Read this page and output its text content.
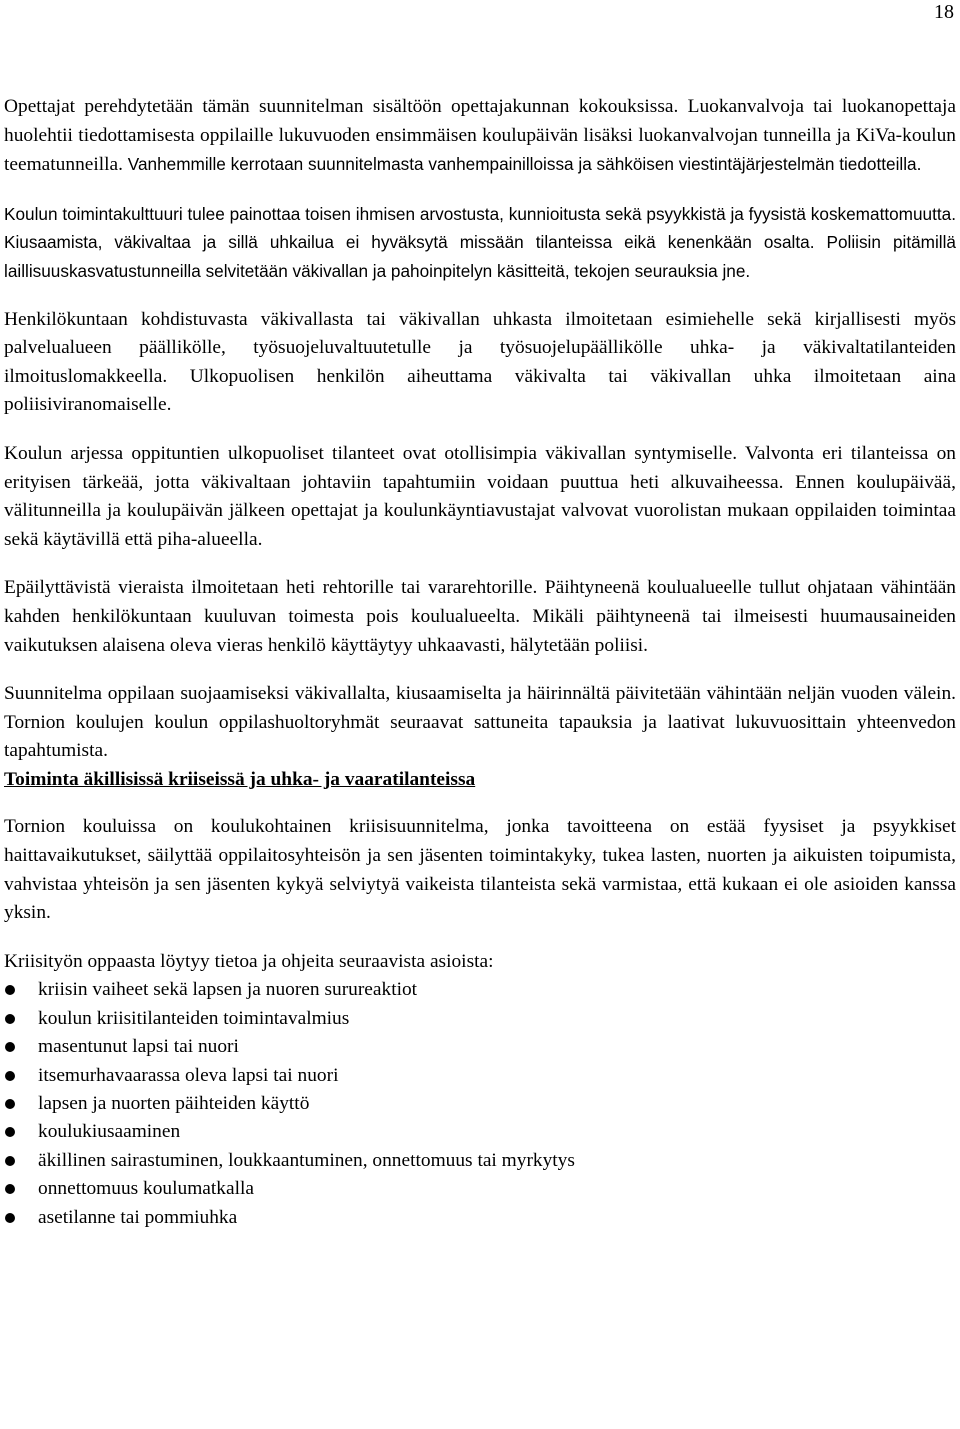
18

Opettajat perehdytetään tämän suunnitelman sisältöön opettajakunnan kokouksissa. Luokanvalvoja tai luokanopettaja huolehtii tiedottamisesta oppilaille lukuvuoden ensimmäisen koulupäivän lisäksi luokanvalvojan tunneilla ja KiVa-koulun teematunneilla. Vanhemmille kerrotaan suunnitelmasta vanhempainilloissa ja sähköisen viestintäjärjestelmän tiedotteilla.

Koulun toimintakulttuuri tulee painottaa toisen ihmisen arvostusta, kunnioitusta sekä psyykkistä ja fyysistä koskemattomuutta. Kiusaamista, väkivaltaa ja sillä uhkailua ei hyväksytä missään tilanteissa eikä kenenkään osalta. Poliisin pitämillä laillisuuskasvatustunneilla selvitetään väkivallan ja pahoinpitelyn käsitteitä, tekojen seurauksia jne.

Henkilökuntaan kohdistuvasta väkivallasta tai väkivallan uhkasta ilmoitetaan esimiehelle sekä kirjallisesti myös palvelualueen päällikölle, työsuojeluvaltuutetulle ja työsuojelupäällikölle uhka- ja väkivaltatilanteiden ilmoituslomakkeella. Ulkopuolisen henkilön aiheuttama väkivalta tai väkivallan uhka ilmoitetaan aina poliisiviranomaiselle.

Koulun arjessa oppituntien ulkopuoliset tilanteet ovat otollisimpia väkivallan syntymiselle. Valvonta eri tilanteissa on erityisen tärkeää, jotta väkivaltaan johtaviin tapahtumiin voidaan puuttua heti alkuvaiheessa. Ennen koulupäivää, välitunneilla ja koulupäivän jälkeen opettajat ja koulunkäyntiavustajat valvovat vuorolistan mukaan oppilaiden toimintaa sekä käytävillä että piha-alueella.

Epäilyttävistä vieraista ilmoitetaan heti rehtorille tai vararehtorille. Päihtyneenä koulualueelle tullut ohjataan vähintään kahden henkilökuntaan kuuluvan toimesta pois koulualueelta. Mikäli päihtyneenä tai ilmeisesti huumausaineiden vaikutuksen alaisena oleva vieras henkilö käyttäytyy uhkaavasti, hälytetään poliisi.

Suunnitelma oppilaan suojaamiseksi väkivallalta, kiusaamiselta ja häirinnältä päivitetään vähintään neljän vuoden välein. Tornion koulujen koulun oppilashuoltoryhmät seuraavat sattuneita tapauksia ja laativat lukuvuosittain yhteenvedon tapahtumista.

Toiminta äkillisissä kriiseissä ja uhka- ja vaaratilanteissa

Tornion kouluissa on koulukohtainen kriisisuunnitelma, jonka tavoitteena on estää fyysiset ja psyykkiset haittavaikutukset, säilyttää oppilaitosyhteisön ja sen jäsenten toimintakyky, tukea lasten, nuorten ja aikuisten toipumista, vahvistaa yhteisön ja sen jäsenten kykyä selviytyä vaikeista tilanteista sekä varmistaa, että kukaan ei ole asioiden kanssa yksin.

Kriisityön oppaasta löytyy tietoa ja ohjeita seuraavista asioista:

kriisin vaiheet sekä lapsen ja nuoren surureaktiot
koulun kriisitilanteiden toimintavalmius
masentunut lapsi tai nuori
itsemurhavaarassa oleva lapsi tai nuori
lapsen ja nuorten päihteiden käyttö
koulukiusaaminen
äkillinen sairastuminen, loukkaantuminen, onnettomuus tai myrkytys
onnettomuus koulumatkalla
asetilanne tai pommiuhka
